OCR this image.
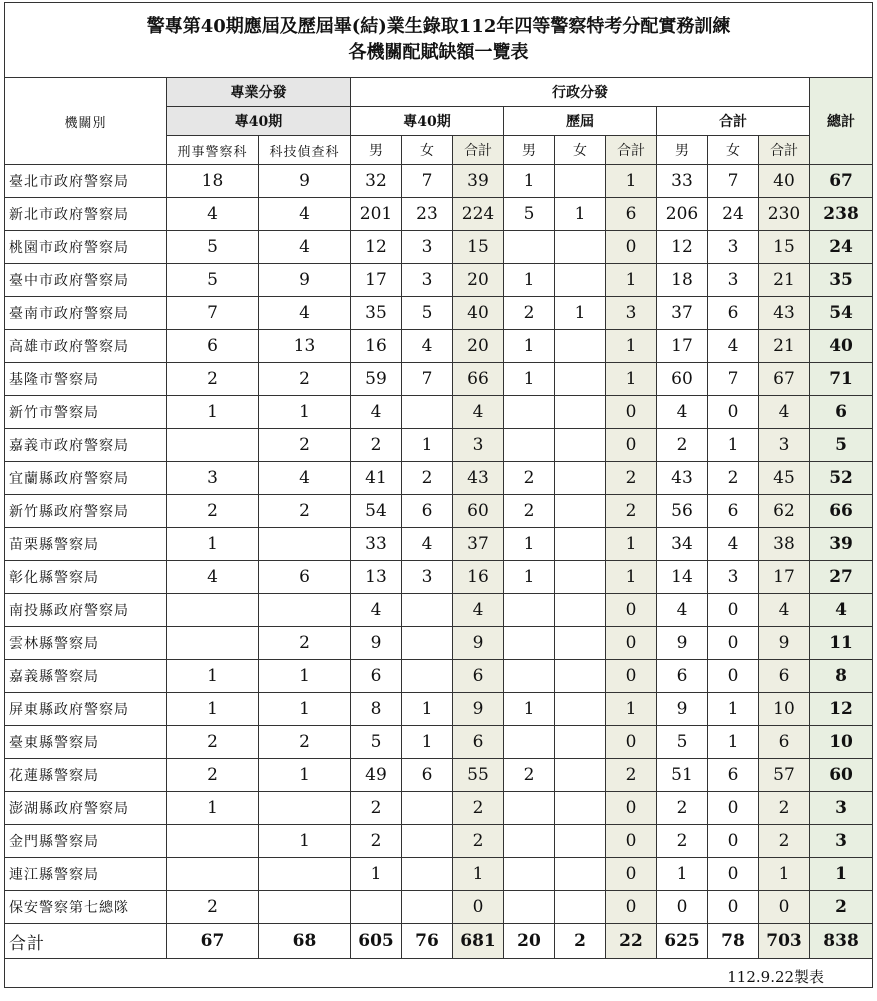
警專第40期應屆及歷屆畢(結)業生錄取112年四等警察特考分配實務訓練
各機關配賦缺額一覽表												

機關別	專業分發		行政分發									總計
	專40期		專40期			歷屆			合計			
	刑事警察科	科技偵查科	男	女	合計	男	女	合計	男	女	合計	
臺北市政府警察局	18	9	32	7	39	1		1	33	7	40	67
新北市政府警察局	4	4	201	23	224	5	1	6	206	24	230	238
桃園市政府警察局	5	4	12	3	15			0	12	3	15	24
臺中市政府警察局	5	9	17	3	20	1		1	18	3	21	35
臺南市政府警察局	7	4	35	5	40	2	1	3	37	6	43	54
高雄市政府警察局	6	13	16	4	20	1		1	17	4	21	40
基隆市警察局	2	2	59	7	66	1		1	60	7	67	71
新竹市警察局	1	1	4		4			0	4	0	4	6
嘉義市政府警察局		2	2	1	3			0	2	1	3	5
宜蘭縣政府警察局	3	4	41	2	43	2		2	43	2	45	52
新竹縣政府警察局	2	2	54	6	60	2		2	56	6	62	66
苗栗縣警察局	1		33	4	37	1		1	34	4	38	39
彰化縣警察局	4	6	13	3	16	1		1	14	3	17	27
南投縣政府警察局			4		4			0	4	0	4	4
雲林縣警察局		2	9		9			0	9	0	9	11
嘉義縣警察局	1	1	6		6			0	6	0	6	8
屏東縣政府警察局	1	1	8	1	9	1		1	9	1	10	12
臺東縣警察局	2	2	5	1	6			0	5	1	6	10
花蓮縣警察局	2	1	49	6	55	2		2	51	6	57	60
澎湖縣政府警察局	1		2		2			0	2	0	2	3
金門縣警察局		1	2		2			0	2	0	2	3
連江縣警察局			1		1			0	1	0	1	1
保安警察第七總隊	2				0			0	0	0	0	2
合計	67	68	605	76	681	20	2	22	625	78	703	838
112.9.22製表												
